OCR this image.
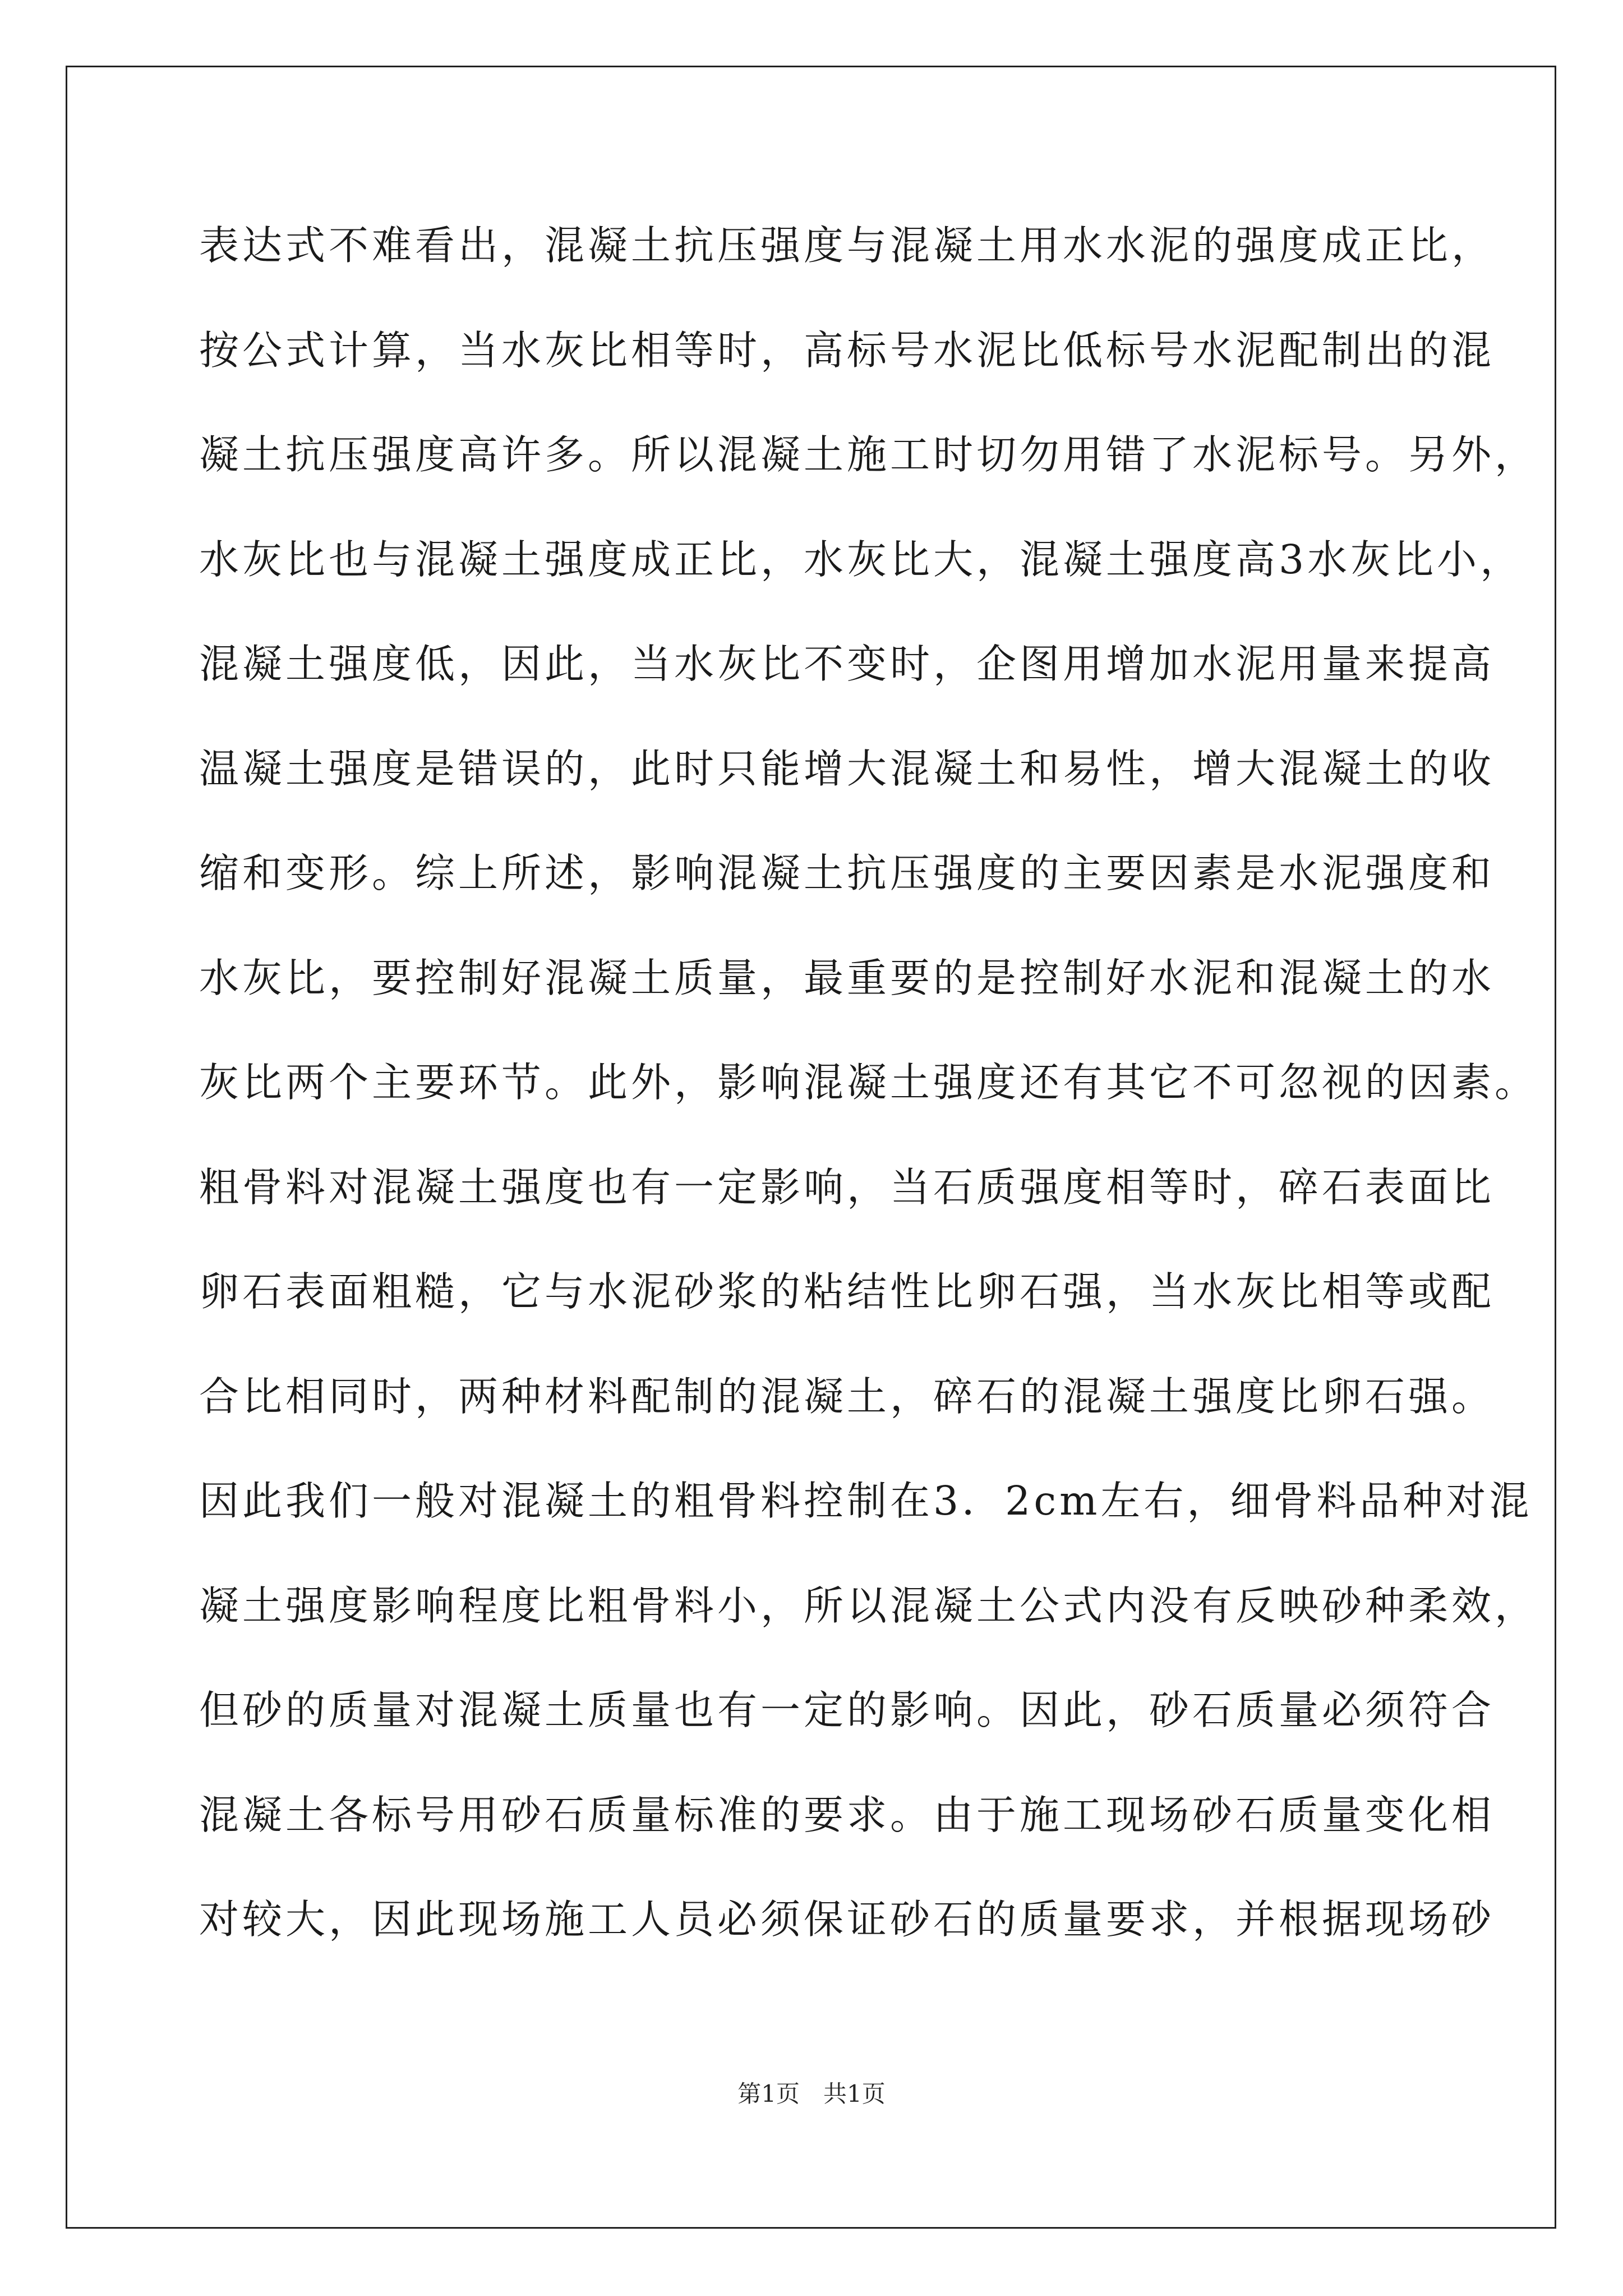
表达式不难看出，混凝土抗压强度与混凝土用水水泥的强度成正比，
按公式计算，当水灰比相等时，高标号水泥比低标号水泥配制出的混
凝土抗压强度高许多。所以混凝土施工时切勿用错了水泥标号。另外，
水灰比也与混凝土强度成正比，水灰比大，混凝土强度高3水灰比小，
混凝土强度低，因此，当水灰比不变时，企图用增加水泥用量来提高
温凝土强度是错误的，此时只能增大混凝土和易性，增大混凝土的收
缩和变形。综上所述，影响混凝土抗压强度的主要因素是水泥强度和
水灰比，要控制好混凝土质量，最重要的是控制好水泥和混凝土的水
灰比两个主要环节。此外，影响混凝土强度还有其它不可忽视的因素。
粗骨料对混凝土强度也有一定影响，当石质强度相等时，碎石表面比
卵石表面粗糙，它与水泥砂浆的粘结性比卵石强，当水灰比相等或配
合比相同时，两种材料配制的混凝土，碎石的混凝土强度比卵石强。
因此我们一般对混凝土的粗骨料控制在3．2cm左右，细骨料品种对混
凝土强度影响程度比粗骨料小，所以混凝土公式内没有反映砂种柔效，
但砂的质量对混凝土质量也有一定的影响。因此，砂石质量必须符合
混凝土各标号用砂石质量标准的要求。由于施工现场砂石质量变化相
对较大，因此现场施工人员必须保证砂石的质量要求，并根据现场砂
第1页　共1页
